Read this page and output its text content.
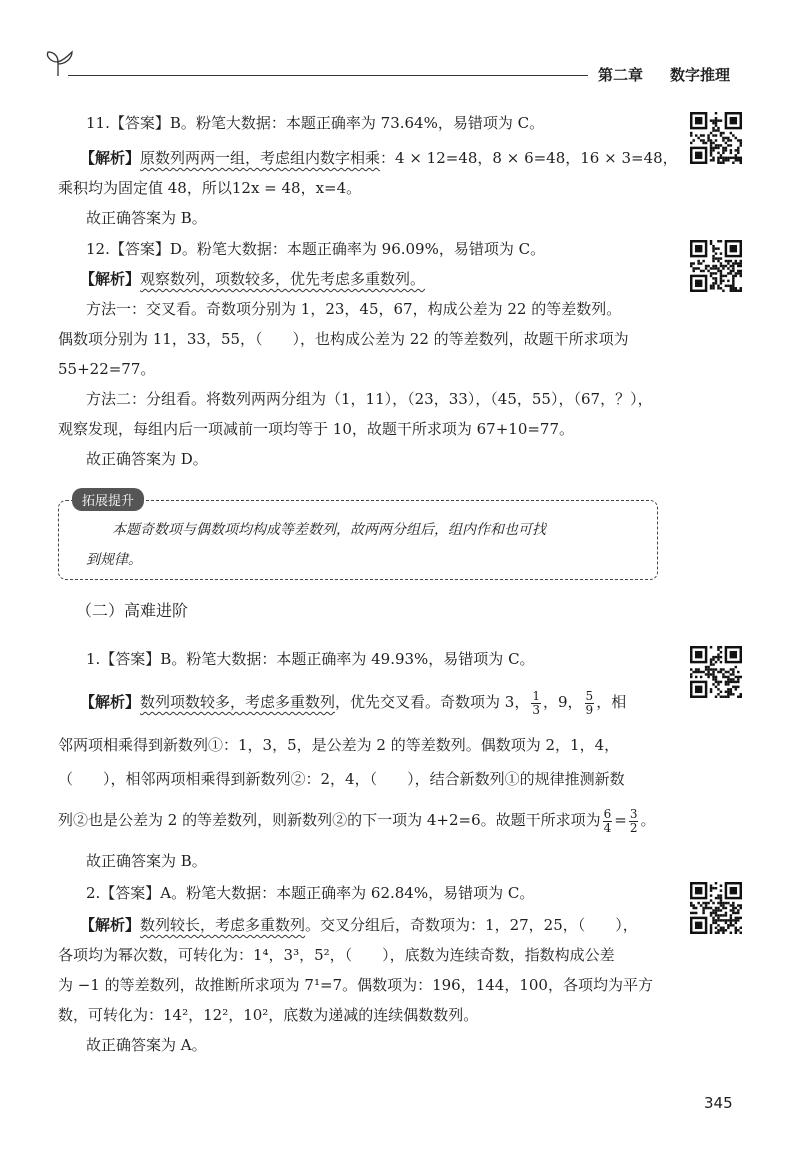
第二章 数字推理
11.【答案】B。粉笔大数据：本题正确率为 73.64%，易错项为 C。
【解析】原数列两两一组，考虑组内数字相乘：4 × 12=48，8 × 6=48，16 × 3=48，
乘积均为固定值 48，所以12x = 48，x=4。
故正确答案为 B。
12.【答案】D。粉笔大数据：本题正确率为 96.09%，易错项为 C。
【解析】观察数列，项数较多，优先考虑多重数列。
方法一：交叉看。奇数项分别为 1，23，45，67，构成公差为 22 的等差数列。
偶数项分别为 11，33，55，（　　），也构成公差为 22 的等差数列，故题干所求项为
55+22=77。
方法二：分组看。将数列两两分组为（1，11），（23，33），（45，55），（67，？），
观察发现，每组内后一项减前一项均等于 10，故题干所求项为 67+10=77。
故正确答案为 D。
拓展提升
本题奇数项与偶数项均构成等差数列，故两两分组后，组内作和也可找
到规律。
（二）高难进阶
1.【答案】B。粉笔大数据：本题正确率为 49.93%，易错项为 C。
【解析】数列项数较多，考虑多重数列，优先交叉看。奇数项为 3， $\frac{1}{3}$ ，9， $\frac{5}{9}$ ，相
邻两项相乘得到新数列①：1，3，5，是公差为 2 的等差数列。偶数项为 2，1，4，
（　　），相邻两项相乘得到新数列②：2，4，（　　），结合新数列①的规律推测新数
列②也是公差为 2 的等差数列，则新数列②的下一项为 4+2=6。故题干所求项为 $\frac{6}{4} = \frac{3}{2}$ 。
故正确答案为 B。
2.【答案】A。粉笔大数据：本题正确率为 62.84%，易错项为 C。
【解析】数列较长，考虑多重数列。交叉分组后，奇数项为：1，27，25，（　　），
各项均为幂次数，可转化为：1⁴，3³，5²，（　　），底数为连续奇数，指数构成公差
为 −1 的等差数列，故推断所求项为 7¹=7。偶数项为：196，144，100，各项均为平方
数，可转化为：14²，12²，10²，底数为递减的连续偶数数列。
故正确答案为 A。
345
